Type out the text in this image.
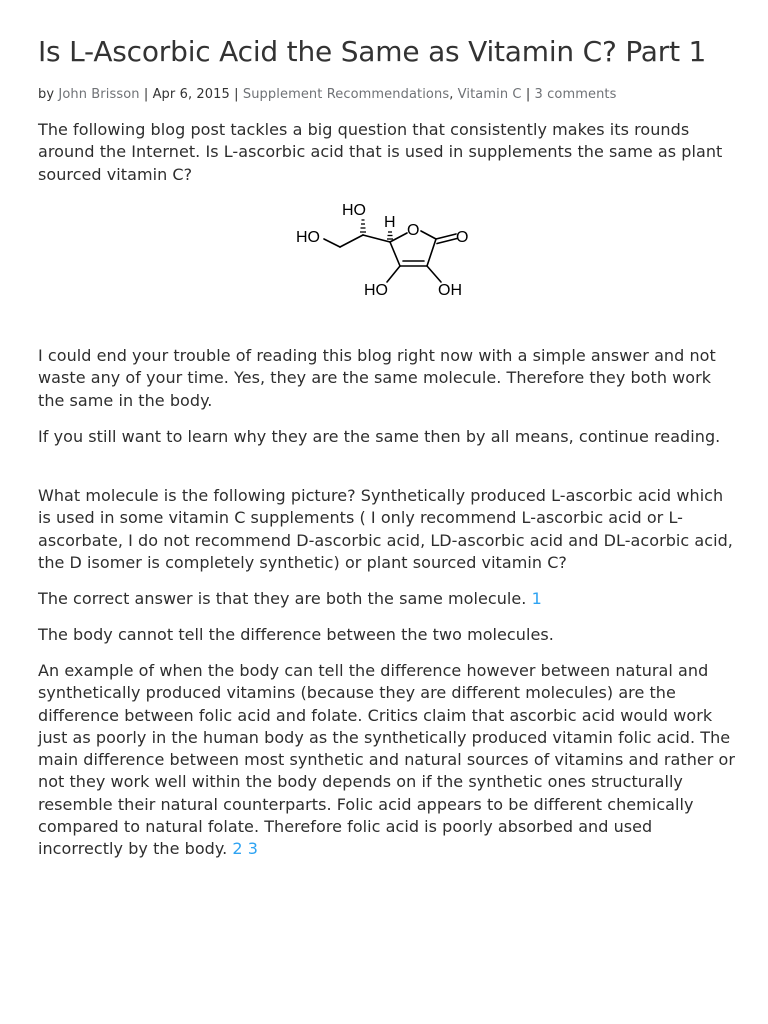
Is L-Ascorbic Acid the Same as Vitamin C? Part 1
by John Brisson | Apr 6, 2015 | Supplement Recommendations, Vitamin C | 3 comments

The following blog post tackles a big question that consistently makes its rounds around the Internet. Is L-ascorbic acid that is used in supplements the same as plant sourced vitamin C?

HO
H
HO	O O
HO	OH

I could end your trouble of reading this blog right now with a simple answer and not waste any of your time. Yes, they are the same molecule. Therefore they both work the same in the body.

If you still want to learn why they are the same then by all means, continue reading.

What molecule is the following picture? Synthetically produced L-ascorbic acid which is used in some vitamin C supplements ( I only recommend L-ascorbic acid or L-ascorbate, I do not recommend D-ascorbic acid, LD-ascorbic acid and DL-acorbic acid, the D isomer is completely synthetic) or plant sourced vitamin C?

The correct answer is that they are both the same molecule. 1

The body cannot tell the difference between the two molecules.

An example of when the body can tell the difference however between natural and synthetically produced vitamins (because they are different molecules) are the difference between folic acid and folate. Critics claim that ascorbic acid would work just as poorly in the human body as the synthetically produced vitamin folic acid. The main difference between most synthetic and natural sources of vitamins and rather or not they work well within the body depends on if the synthetic ones structurally resemble their natural counterparts. Folic acid appears to be different chemically compared to natural folate. Therefore folic acid is poorly absorbed and used incorrectly by the body. 2 3
